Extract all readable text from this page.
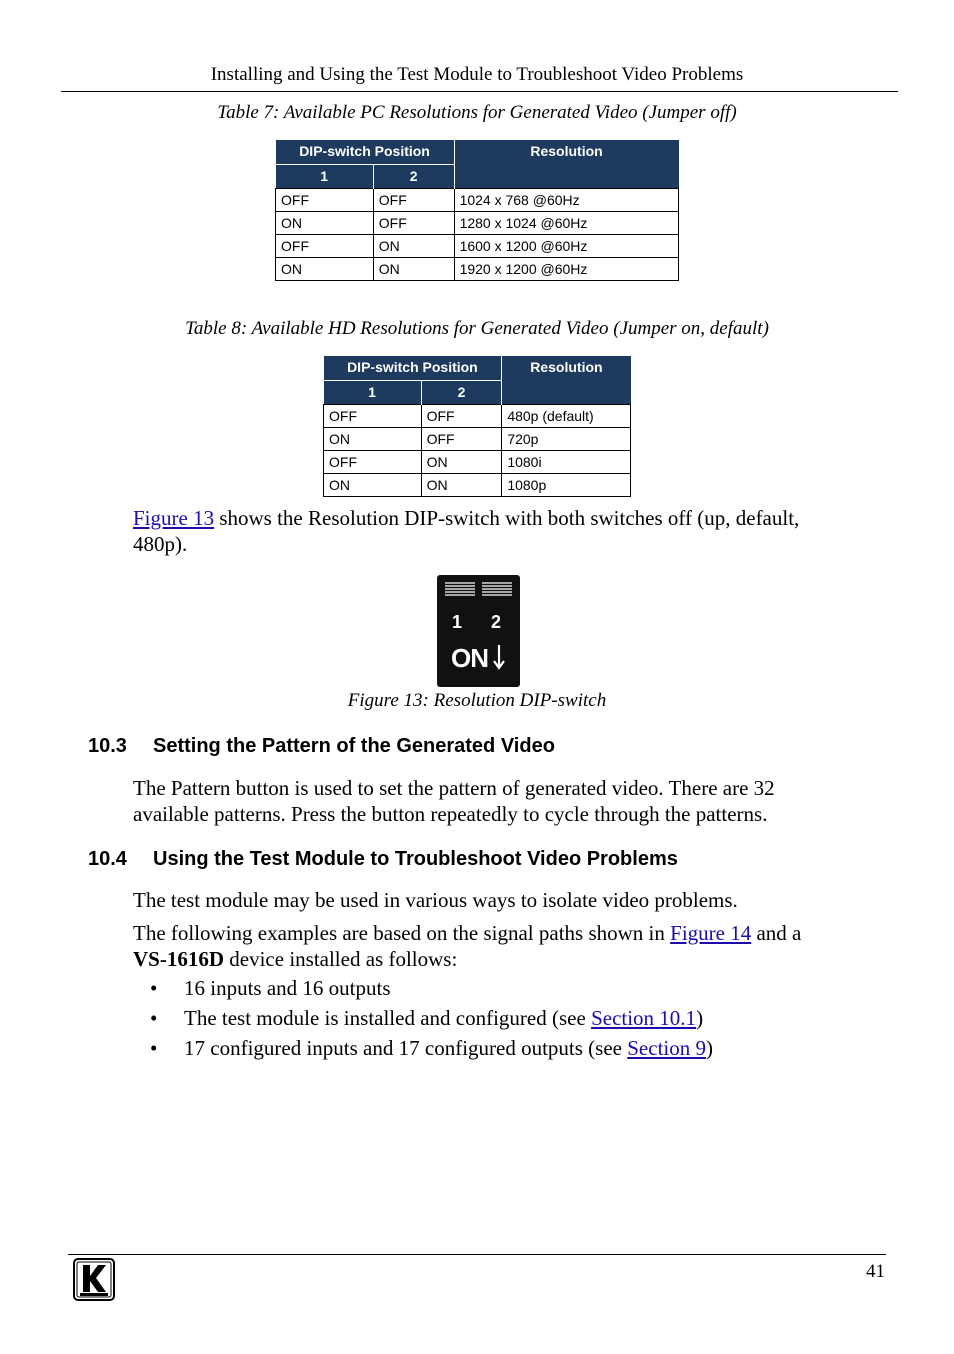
Installing and Using the Test Module to Troubleshoot Video Problems
Table 7: Available PC Resolutions for Generated Video (Jumper off)
DIP-switch Position		Resolution
1	2	
OFF	OFF	1024 x 768 @60Hz
ON	OFF	1280 x 1024 @60Hz
OFF	ON	1600 x 1200 @60Hz
ON	ON	1920 x 1200 @60Hz
Table 8: Available HD Resolutions for Generated Video (Jumper on, default)
DIP-switch Position		Resolution
1	2	
OFF	OFF	480p (default)
ON	OFF	720p
OFF	ON	1080i
ON	ON	1080p
Figure 13 shows the Resolution DIP-switch with both switches off (up, default,
480p).
1 2
ON
Figure 13: Resolution DIP-switch
10.3 Setting the Pattern of the Generated Video
The Pattern button is used to set the pattern of generated video. There are 32
available patterns. Press the button repeatedly to cycle through the patterns.
10.4 Using the Test Module to Troubleshoot Video Problems
The test module may be used in various ways to isolate video problems.
The following examples are based on the signal paths shown in Figure 14 and a
VS-1616D device installed as follows:
• 16 inputs and 16 outputs
• The test module is installed and configured (see Section 10.1)
• 17 configured inputs and 17 configured outputs (see Section 9)
41
